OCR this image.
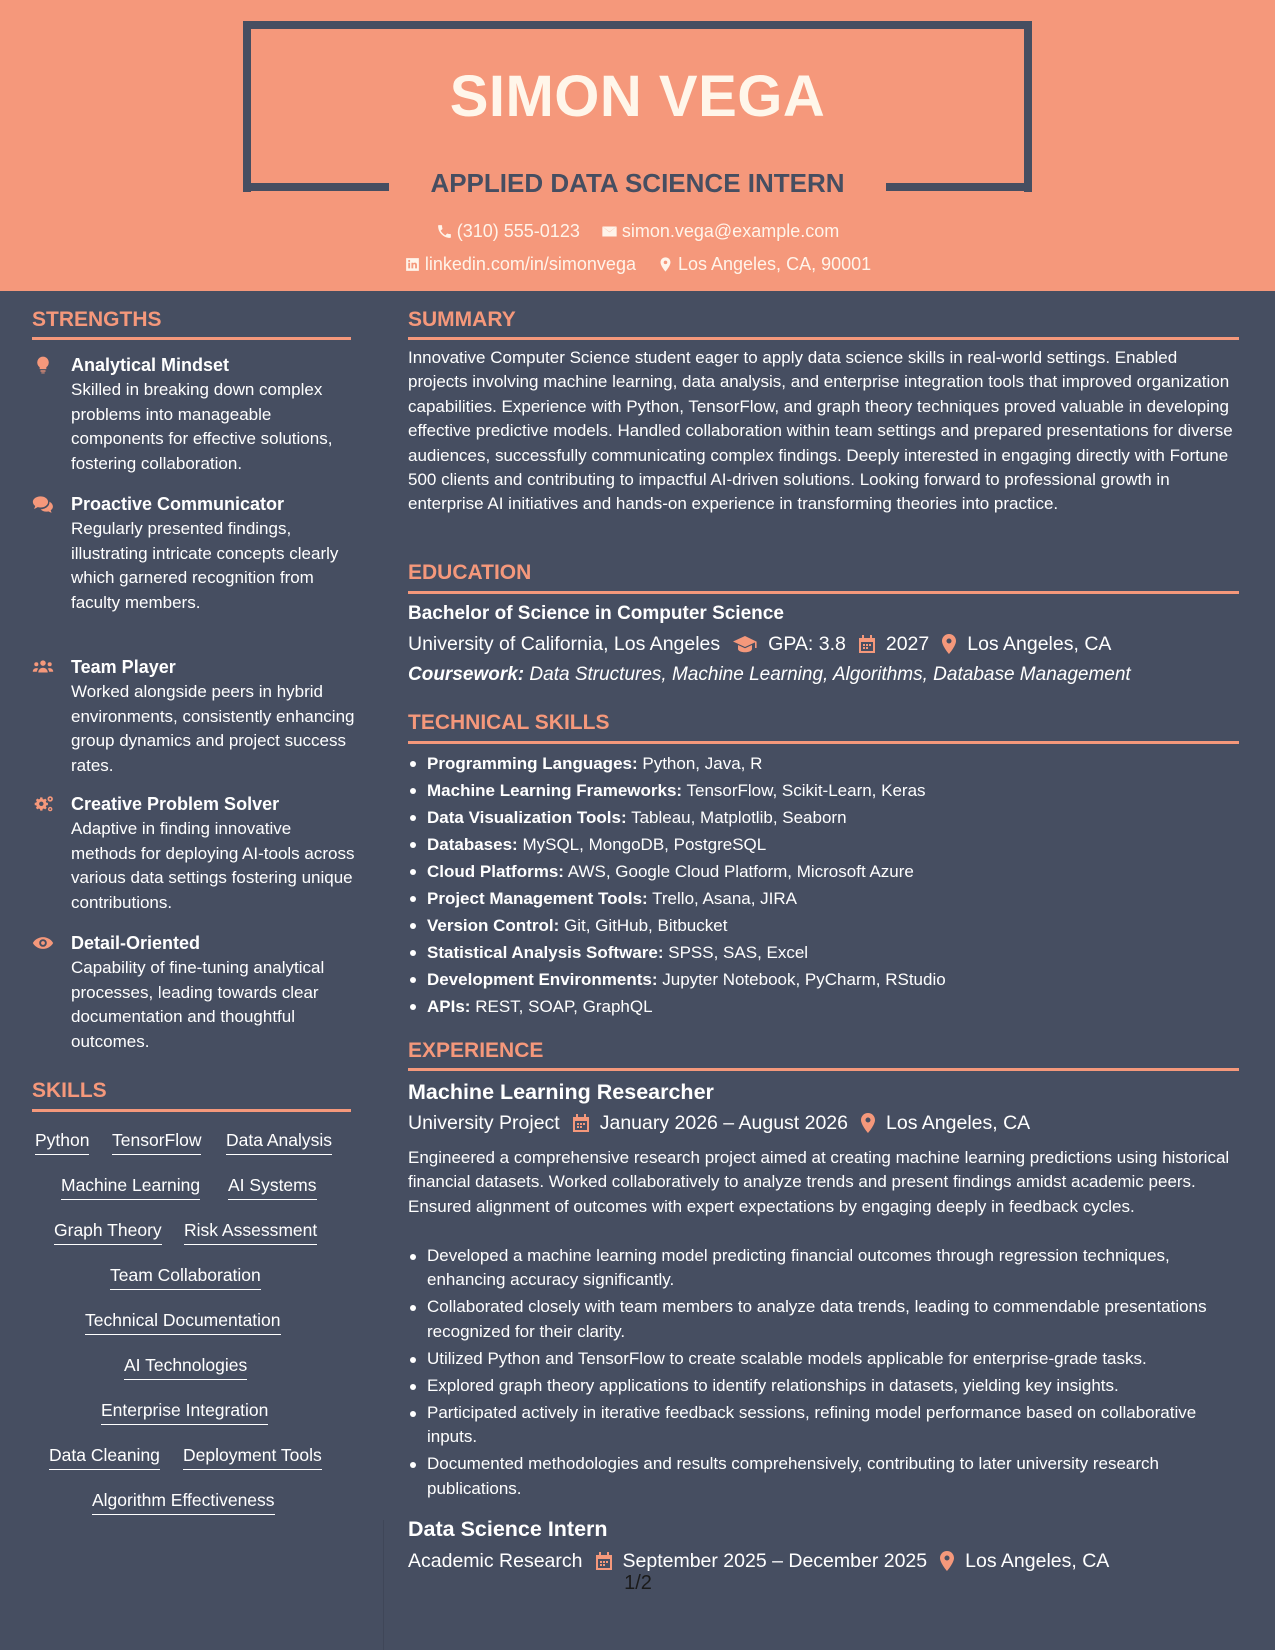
SIMON VEGA
APPLIED DATA SCIENCE INTERN
(310) 555-0123
simon.vega@example.com
linkedin.com/in/simonvega
Los Angeles, CA, 90001
STRENGTHS
Analytical Mindset
Skilled in breaking down complex problems into manageable components for effective solutions, fostering collaboration.
Proactive Communicator
Regularly presented findings, illustrating intricate concepts clearly which garnered recognition from faculty members.
Team Player
Worked alongside peers in hybrid environments, consistently enhancing group dynamics and project success rates.
Creative Problem Solver
Adaptive in finding innovative methods for deploying AI-tools across various data settings fostering unique contributions.
Detail-Oriented
Capability of fine-tuning analytical processes, leading towards clear documentation and thoughtful outcomes.
SKILLS
Python TensorFlow Data Analysis
Machine Learning AI Systems
Graph Theory Risk Assessment
Team Collaboration
Technical Documentation
AI Technologies
Enterprise Integration
Data Cleaning Deployment Tools
Algorithm Effectiveness
SUMMARY
Innovative Computer Science student eager to apply data science skills in real-world settings. Enabled projects involving machine learning, data analysis, and enterprise integration tools that improved organization capabilities. Experience with Python, TensorFlow, and graph theory techniques proved valuable in developing effective predictive models. Handled collaboration within team settings and prepared presentations for diverse audiences, successfully communicating complex findings. Deeply interested in engaging directly with Fortune 500 clients and contributing to impactful AI-driven solutions. Looking forward to professional growth in enterprise AI initiatives and hands-on experience in transforming theories into practice.
EDUCATION
Bachelor of Science in Computer Science
University of California, Los Angeles GPA: 3.8 2027 Los Angeles, CA
Coursework: Data Structures, Machine Learning, Algorithms, Database Management
TECHNICAL SKILLS
Programming Languages: Python, Java, R
Machine Learning Frameworks: TensorFlow, Scikit-Learn, Keras
Data Visualization Tools: Tableau, Matplotlib, Seaborn
Databases: MySQL, MongoDB, PostgreSQL
Cloud Platforms: AWS, Google Cloud Platform, Microsoft Azure
Project Management Tools: Trello, Asana, JIRA
Version Control: Git, GitHub, Bitbucket
Statistical Analysis Software: SPSS, SAS, Excel
Development Environments: Jupyter Notebook, PyCharm, RStudio
APIs: REST, SOAP, GraphQL
EXPERIENCE
Machine Learning Researcher
University Project January 2026 – August 2026 Los Angeles, CA
Engineered a comprehensive research project aimed at creating machine learning predictions using historical financial datasets. Worked collaboratively to analyze trends and present findings amidst academic peers. Ensured alignment of outcomes with expert expectations by engaging deeply in feedback cycles.
Developed a machine learning model predicting financial outcomes through regression techniques, enhancing accuracy significantly.
Collaborated closely with team members to analyze data trends, leading to commendable presentations recognized for their clarity.
Utilized Python and TensorFlow to create scalable models applicable for enterprise-grade tasks.
Explored graph theory applications to identify relationships in datasets, yielding key insights.
Participated actively in iterative feedback sessions, refining model performance based on collaborative inputs.
Documented methodologies and results comprehensively, contributing to later university research publications.
Data Science Intern
Academic Research September 2025 – December 2025 Los Angeles, CA
1/2
